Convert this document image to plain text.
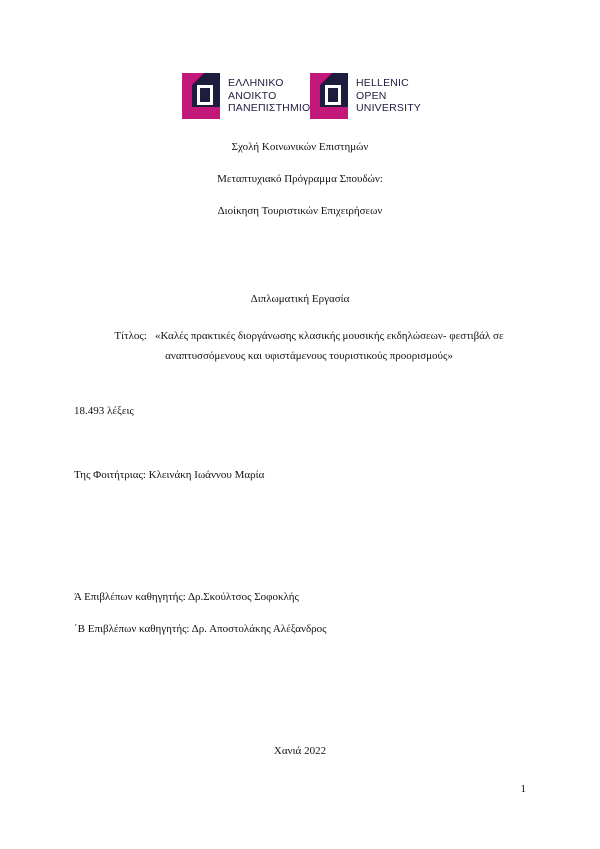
ΕΛΛΗΝΙΚΟ
ΑΝΟΙΚΤΟ
ΠΑΝΕΠΙΣΤΗΜΙΟ
HELLENIC
OPEN
UNIVERSITY
Σχολή Κοινωνικών Επιστημών
Μεταπτυχιακό Πρόγραμμα Σπουδών:
Διοίκηση Τουριστικών Επιχειρήσεων
Διπλωματική Εργασία
Τίτλος: «Καλές πρακτικές διοργάνωσης κλασικής μουσικής εκδηλώσεων- φεστιβάλ σε
αναπτυσσόμενους και υφιστάμενους τουριστικούς προορισμούς»
18.493 λέξεις
Της Φοιτήτριας: Κλεινάκη Ιωάννου Μαρία
Ά Επιβλέπων καθηγητής: Δρ.Σκούλτσος Σοφοκλής
΄Β Επιβλέπων καθηγητής: Δρ. Αποστολάκης Αλέξανδρος
Χανιά 2022
1
